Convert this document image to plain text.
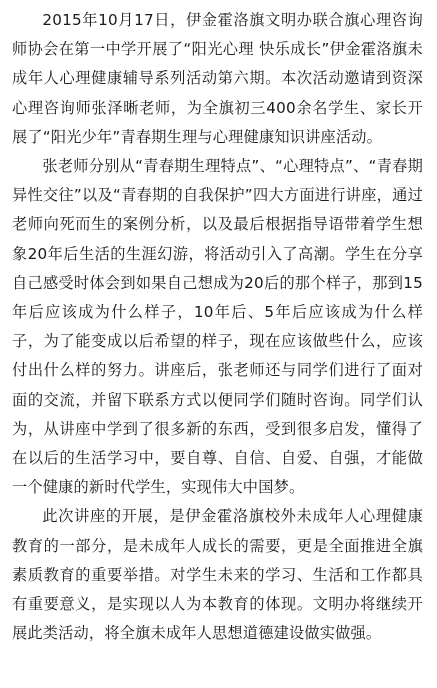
2015年10月17日，伊金霍洛旗文明办联合旗心理咨询师协会在第一中学开展了“阳光心理 快乐成长”伊金霍洛旗未成年人心理健康辅导系列活动第六期。本次活动邀请到资深心理咨询师张泽晰老师，为全旗初三400余名学生、家长开展了“阳光少年”青春期生理与心理健康知识讲座活动。

张老师分别从“青春期生理特点”、“心理特点”、“青春期异性交往”以及“青春期的自我保护”四大方面进行讲座，通过老师向死而生的案例分析，以及最后根据指导语带着学生想象20年后生活的生涯幻游，将活动引入了高潮。学生在分享自己感受时体会到如果自己想成为20后的那个样子，那到15年后应该成为什么样子，10年后、5年后应该成为什么样子，为了能变成以后希望的样子，现在应该做些什么，应该付出什么样的努力。讲座后，张老师还与同学们进行了面对面的交流，并留下联系方式以便同学们随时咨询。同学们认为，从讲座中学到了很多新的东西，受到很多启发，懂得了在以后的生活学习中，要自尊、自信、自爱、自强，才能做一个健康的新时代学生，实现伟大中国梦。

此次讲座的开展，是伊金霍洛旗校外未成年人心理健康教育的一部分，是未成年人成长的需要，更是全面推进全旗素质教育的重要举措。对学生未来的学习、生活和工作都具有重要意义，是实现以人为本教育的体现。文明办将继续开展此类活动，将全旗未成年人思想道德建设做实做强。
